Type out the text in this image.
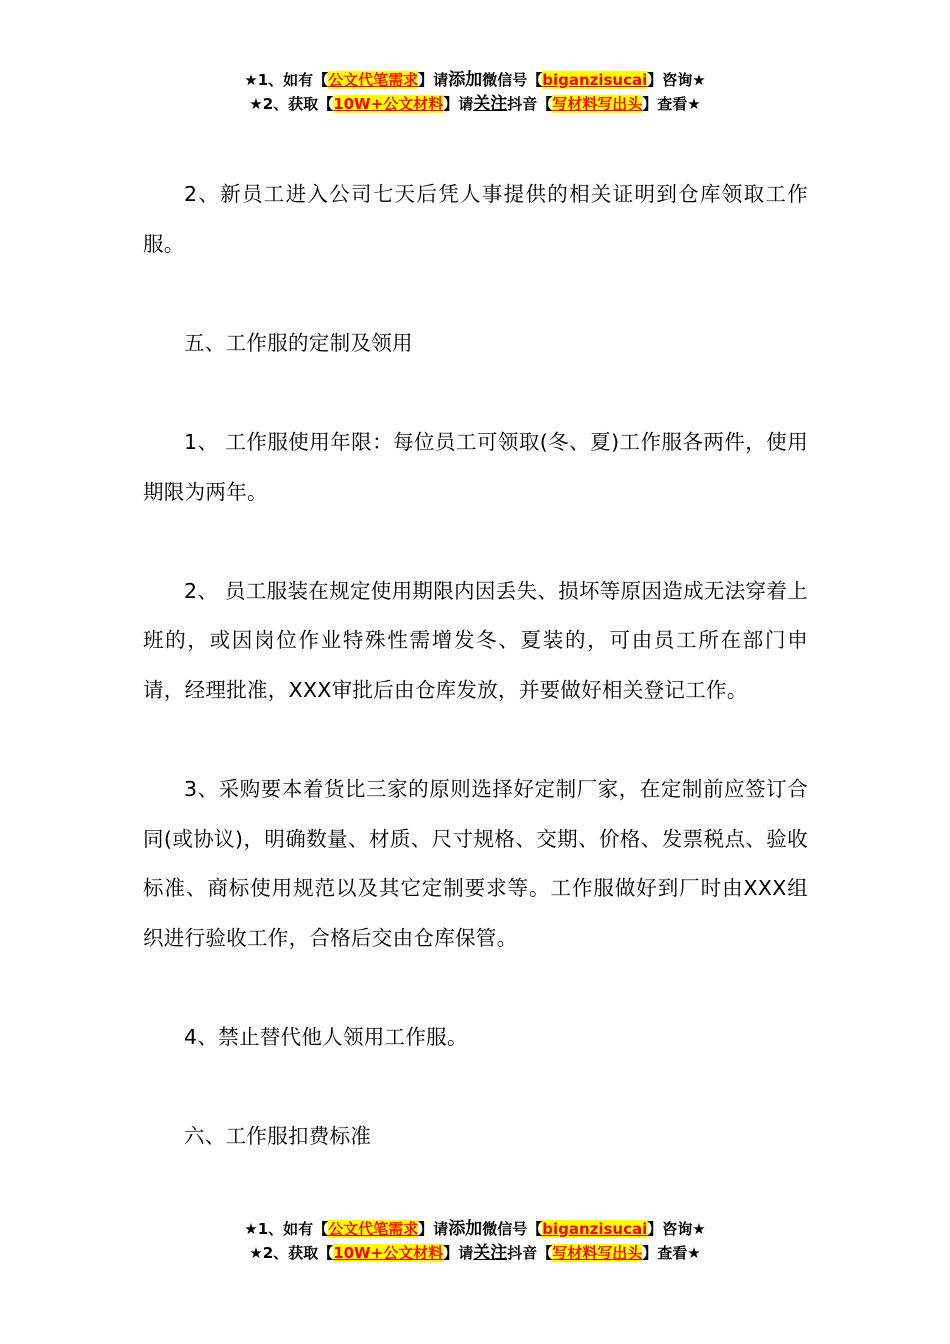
★1、如有【公文代笔需求】请添加微信号【biganzisucai】咨询★
★2、获取【10W+公文材料】请关注抖音【写材料写出头】查看★

2、新员工进入公司七天后凭人事提供的相关证明到仓库领取工作服。

五、工作服的定制及领用

1、 工作服使用年限：每位员工可领取(冬、夏)工作服各两件，使用期限为两年。

2、 员工服装在规定使用期限内因丢失、损坏等原因造成无法穿着上班的，或因岗位作业特殊性需增发冬、夏装的，可由员工所在部门申请，经理批准，XXX审批后由仓库发放，并要做好相关登记工作。

3、采购要本着货比三家的原则选择好定制厂家，在定制前应签订合同(或协议)，明确数量、材质、尺寸规格、交期、价格、发票税点、验收标准、商标使用规范以及其它定制要求等。工作服做好到厂时由XXX组织进行验收工作，合格后交由仓库保管。

4、禁止替代他人领用工作服。

六、工作服扣费标准

★1、如有【公文代笔需求】请添加微信号【biganzisucai】咨询★
★2、获取【10W+公文材料】请关注抖音【写材料写出头】查看★
